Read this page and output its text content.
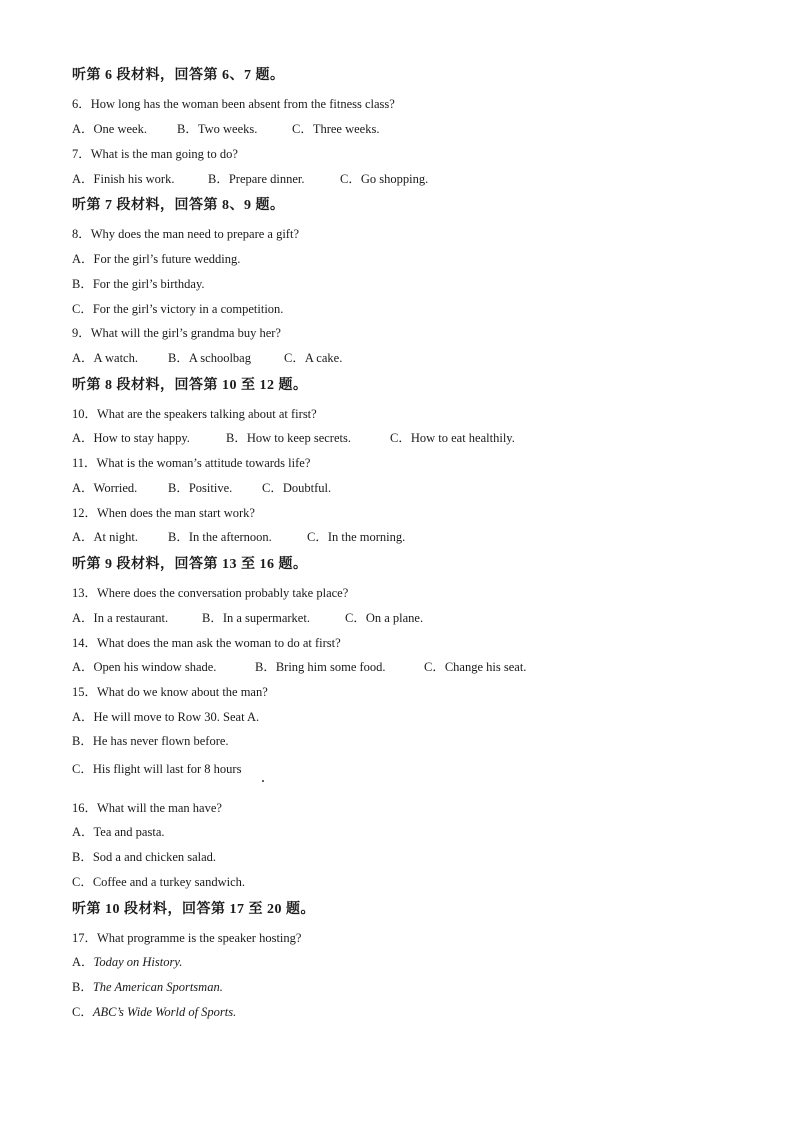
听第 6 段材料，回答第 6、7 题。
6．How long has the woman been absent from the fitness class?
A．One week. B．Two weeks.	C．Three weeks.
7．What is the man going to do?
A．Finish his work.	B．Prepare dinner.	C．Go shopping.
听第 7 段材料，回答第 8、9 题。
8．Why does the man need to prepare a gift?
A．For the girl’s future wedding.
B．For the girl’s birthday.
C．For the girl’s victory in a competition.
9．What will the girl’s grandma buy her?
A．A watch. B．A schoolbag	C．A cake.
听第 8 段材料，回答第 10 至 12 题。
10．What are the speakers talking about at first?
A．How to stay happy.	B．How to keep secrets.	C．How to eat healthily.
11．What is the woman’s attitude towards life?
A．Worried. B．Positive. C．Doubtful.
12．When does the man start work?
A．At night. B．In the afternoon.	C．In the morning.
听第 9 段材料，回答第 13 至 16 题。
13．Where does the conversation probably take place?
A．In a restaurant.	B．In a supermarket.	C．On a plane.
14．What does the man ask the woman to do at first?
A．Open his window shade.	B．Bring him some food.	C．Change his seat.
15．What do we know about the man?
A．He will move to Row 30. Seat A.
B．He has never flown before.
C．His flight will last for 8 hours
16．What will the man have?
A．Tea and pasta.
B．Sod a and chicken salad.
C．Coffee and a turkey sandwich.
听第 10 段材料，回答第 17 至 20 题。
17．What programme is the speaker hosting?
A．Today on History.
B．The American Sportsman.
C．ABC’s Wide World of Sports.
